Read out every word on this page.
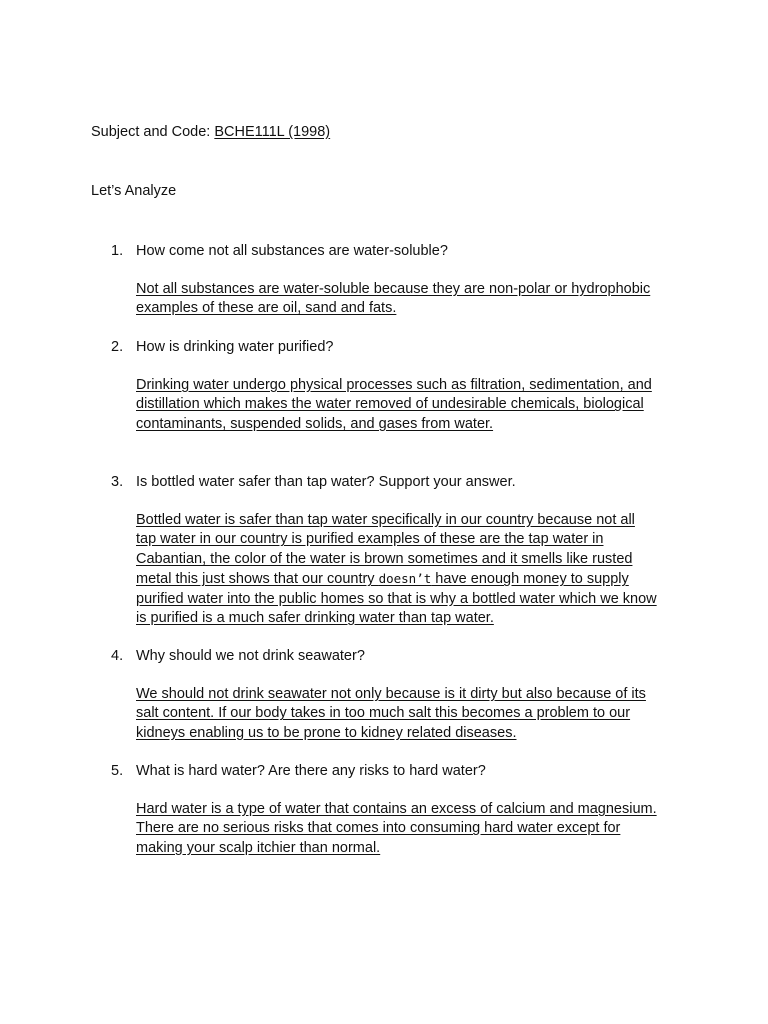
Subject and Code: BCHE111L (1998)
Let’s Analyze
1. How come not all substances are water-soluble?
Not all substances are water-soluble because they are non-polar or hydrophobic
examples of these are oil, sand and fats.
2. How is drinking water purified?
Drinking water undergo physical processes such as filtration, sedimentation, and
distillation which makes the water removed of undesirable chemicals, biological
contaminants, suspended solids, and gases from water.
3. Is bottled water safer than tap water? Support your answer.
Bottled water is safer than tap water specifically in our country because not all
tap water in our country is purified examples of these are the tap water in
Cabantian, the color of the water is brown sometimes and it smells like rusted
metal this just shows that our country doesn’t have enough money to supply
purified water into the public homes so that is why a bottled water which we know
is purified is a much safer drinking water than tap water.
4. Why should we not drink seawater?
We should not drink seawater not only because is it dirty but also because of its
salt content. If our body takes in too much salt this becomes a problem to our
kidneys enabling us to be prone to kidney related diseases.
5. What is hard water? Are there any risks to hard water?
Hard water is a type of water that contains an excess of calcium and magnesium.
There are no serious risks that comes into consuming hard water except for
making your scalp itchier than normal.
